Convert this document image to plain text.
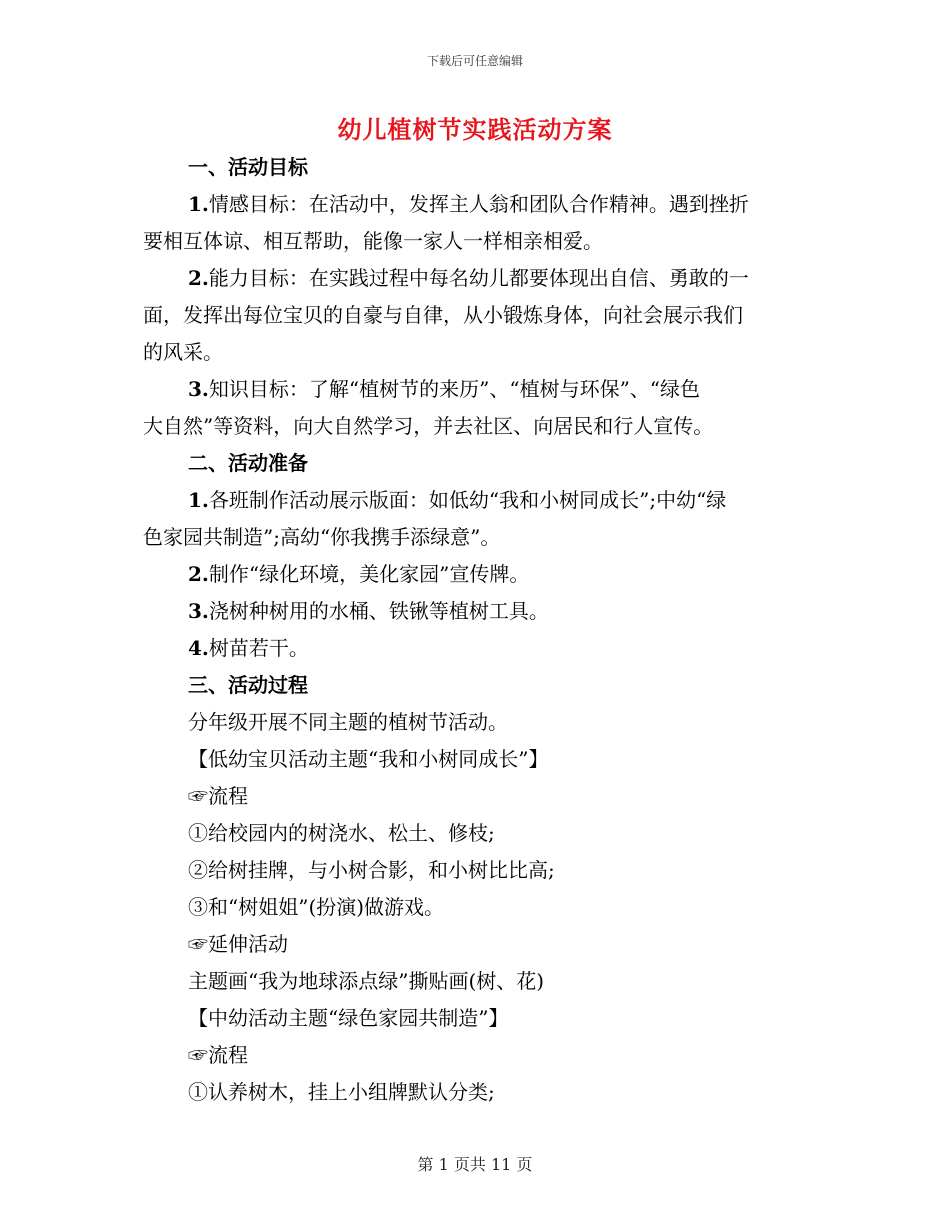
下载后可任意编辑
幼儿植树节实践活动方案
一、活动目标
1.情感目标：在活动中，发挥主人翁和团队合作精神。遇到挫折
要相互体谅、相互帮助，能像一家人一样相亲相爱。
2.能力目标：在实践过程中每名幼儿都要体现出自信、勇敢的一
面，发挥出每位宝贝的自豪与自律，从小锻炼身体，向社会展示我们
的风采。
3.知识目标：了解“植树节的来历”、“植树与环保”、“绿色
大自然”等资料，向大自然学习，并去社区、向居民和行人宣传。
二、活动准备
1.各班制作活动展示版面：如低幼“我和小树同成长”;中幼“绿
色家园共制造”;高幼“你我携手添绿意”。
2.制作“绿化环境，美化家园”宣传牌。
3.浇树种树用的水桶、铁锹等植树工具。
4.树苗若干。
三、活动过程
分年级开展不同主题的植树节活动。
【低幼宝贝活动主题“我和小树同成长”】
☞流程
①给校园内的树浇水、松土、修枝;
②给树挂牌，与小树合影，和小树比比高;
③和“树姐姐”(扮演)做游戏。
☞延伸活动
主题画“我为地球添点绿”撕贴画(树、花)
【中幼活动主题“绿色家园共制造”】
☞流程
①认养树木，挂上小组牌默认分类;
第 1 页共 11 页
